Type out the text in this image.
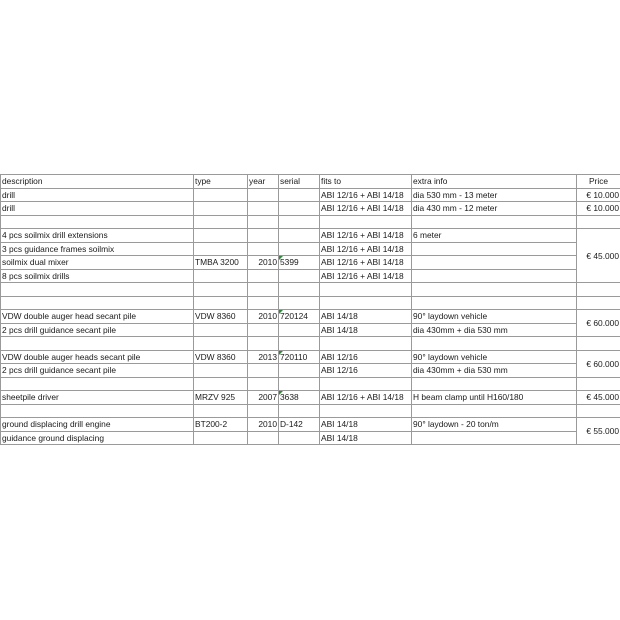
description	type	year	serial	fits to	extra info	Price
drill				ABI 12/16 + ABI 14/18	dia 530 mm - 13 meter	€ 10.000
drill				ABI 12/16 + ABI 14/18	dia 430 mm - 12 meter	€ 10.000

4 pcs soilmix drill extensions				ABI 12/16 + ABI 14/18	6 meter	€ 45.000
3 pcs guidance frames soilmix				ABI 12/16 + ABI 14/18		
soilmix dual mixer	TMBA 3200	2010	5399	ABI 12/16 + ABI 14/18		
8 pcs soilmix drills				ABI 12/16 + ABI 14/18		

VDW double auger head secant pile	VDW 8360	2010	720124	ABI 14/18	90° laydown vehicle	€ 60.000
2 pcs drill guidance secant pile				ABI 14/18	dia 430mm + dia 530 mm	

VDW double auger heads secant pile	VDW 8360	2013	720110	ABI 12/16	90° laydown vehicle	€ 60.000
2 pcs drill guidance secant pile				ABI 12/16	dia 430mm + dia 530 mm	

sheetpile driver	MRZV 925	2007	3638	ABI 12/16 + ABI 14/18	H beam clamp until H160/180	€ 45.000

ground displacing drill engine	BT200-2	2010	D-142	ABI 14/18	90° laydown - 20 ton/m	€ 55.000
guidance ground displacing				ABI 14/18		
